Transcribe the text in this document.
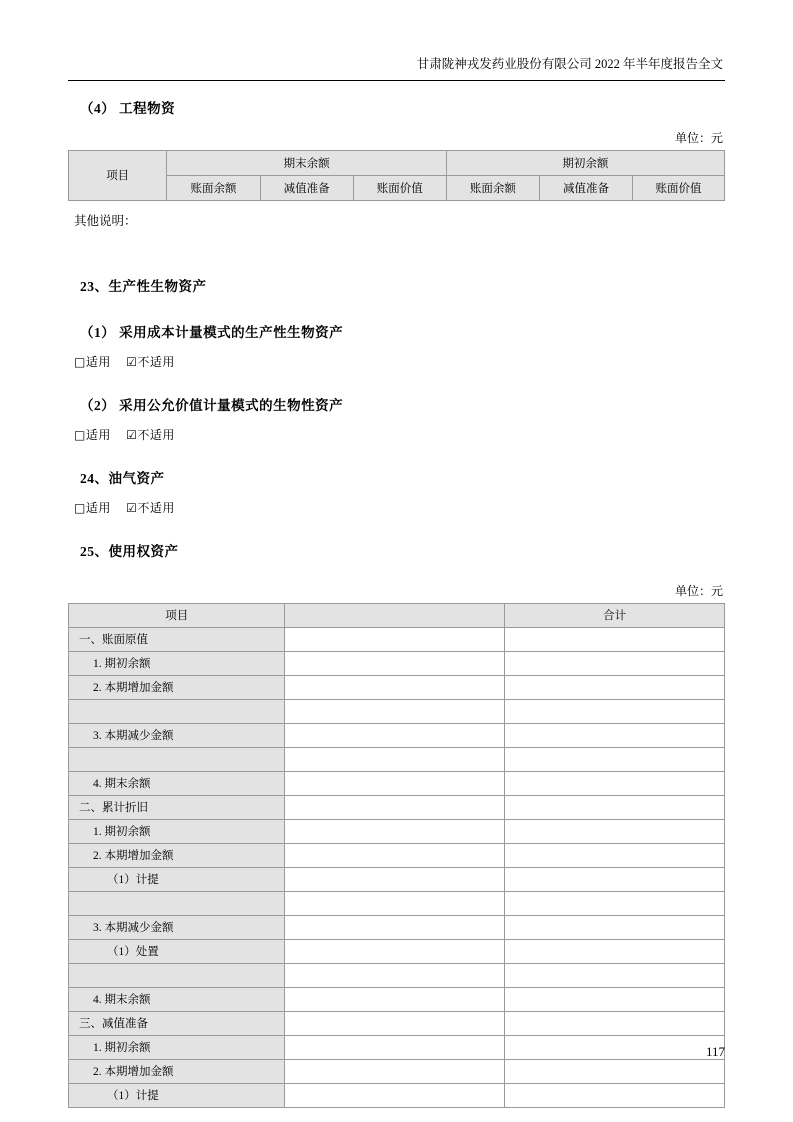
甘肃陇神戎发药业股份有限公司 2022 年半年度报告全文
（4） 工程物资
单位：元
项目	期末余额			期初余额		
	账面余额	减值准备	账面价值	账面余额	减值准备	账面价值
其他说明：
23、生产性生物资产
（1） 采用成本计量模式的生产性生物资产
□适用 ☑不适用
（2） 采用公允价值计量模式的生物性资产
□适用 ☑不适用
24、油气资产
□适用 ☑不适用
25、使用权资产
单位：元
项目		合计
一、账面原值		
1. 期初余额		
2. 本期增加金额		

3. 本期减少金额		

4. 期末余额		
二、累计折旧		
1. 期初余额		
2. 本期增加金额		
（1）计提		

3. 本期减少金额		
（1）处置		

4. 期末余额		
三、减值准备		
1. 期初余额		
2. 本期增加金额		
（1）计提		
117
